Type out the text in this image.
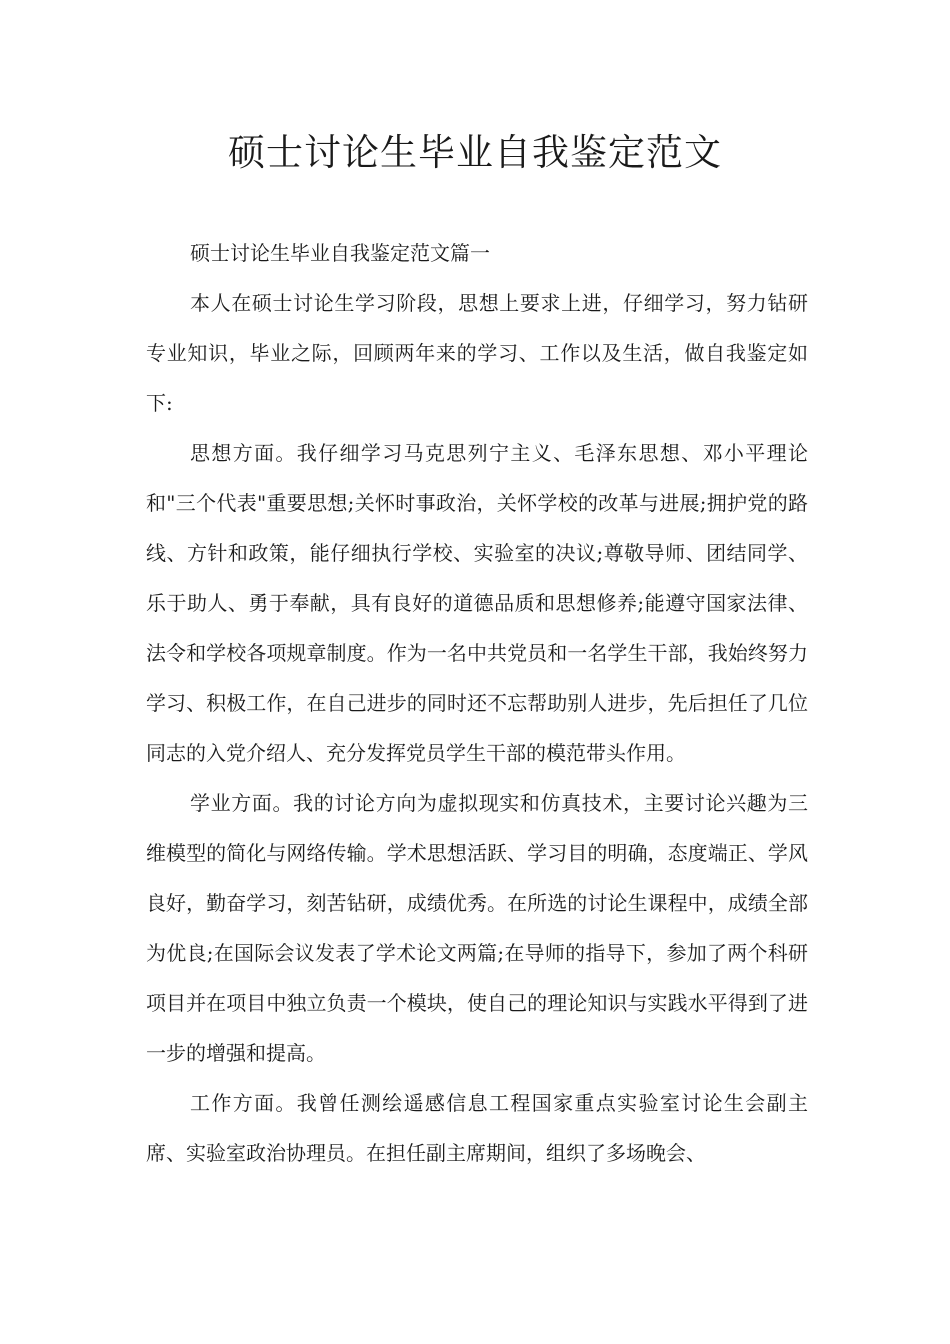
硕士讨论生毕业自我鉴定范文

硕士讨论生毕业自我鉴定范文篇一

本人在硕士讨论生学习阶段，思想上要求上进，仔细学习，努力钻研专业知识，毕业之际，回顾两年来的学习、工作以及生活，做自我鉴定如下:

思想方面。我仔细学习马克思列宁主义、毛泽东思想、邓小平理论和"三个代表"重要思想;关怀时事政治，关怀学校的改革与进展;拥护党的路线、方针和政策，能仔细执行学校、实验室的决议;尊敬导师、团结同学、乐于助人、勇于奉献，具有良好的道德品质和思想修养;能遵守国家法律、法令和学校各项规章制度。作为一名中共党员和一名学生干部，我始终努力学习、积极工作，在自己进步的同时还不忘帮助别人进步，先后担任了几位同志的入党介绍人、充分发挥党员学生干部的模范带头作用。

学业方面。我的讨论方向为虚拟现实和仿真技术，主要讨论兴趣为三维模型的简化与网络传输。学术思想活跃、学习目的明确，态度端正、学风良好，勤奋学习，刻苦钻研，成绩优秀。在所选的讨论生课程中，成绩全部为优良;在国际会议发表了学术论文两篇;在导师的指导下，参加了两个科研项目并在项目中独立负责一个模块，使自己的理论知识与实践水平得到了进一步的增强和提高。

工作方面。我曾任测绘遥感信息工程国家重点实验室讨论生会副主席、实验室政治协理员。在担任副主席期间，组织了多场晚会、
